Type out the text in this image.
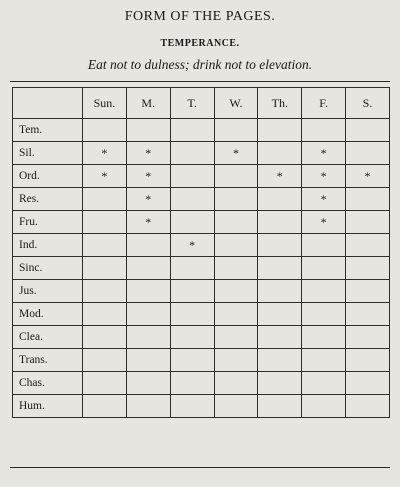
FORM OF THE PAGES.
TEMPERANCE.
Eat not to dulness; drink not to elevation.
	Sun.	M.	T.	W.	Th.	F.	S.
Tem.							
Sil.	*	*		*		*	
Ord.	*	*			*	*	*
Res.		*				*	
Fru.		*				*	
Ind.			*				
Sinc.							
Jus.							
Mod.							
Clea.							
Trans.							
Chas.							
Hum.							
